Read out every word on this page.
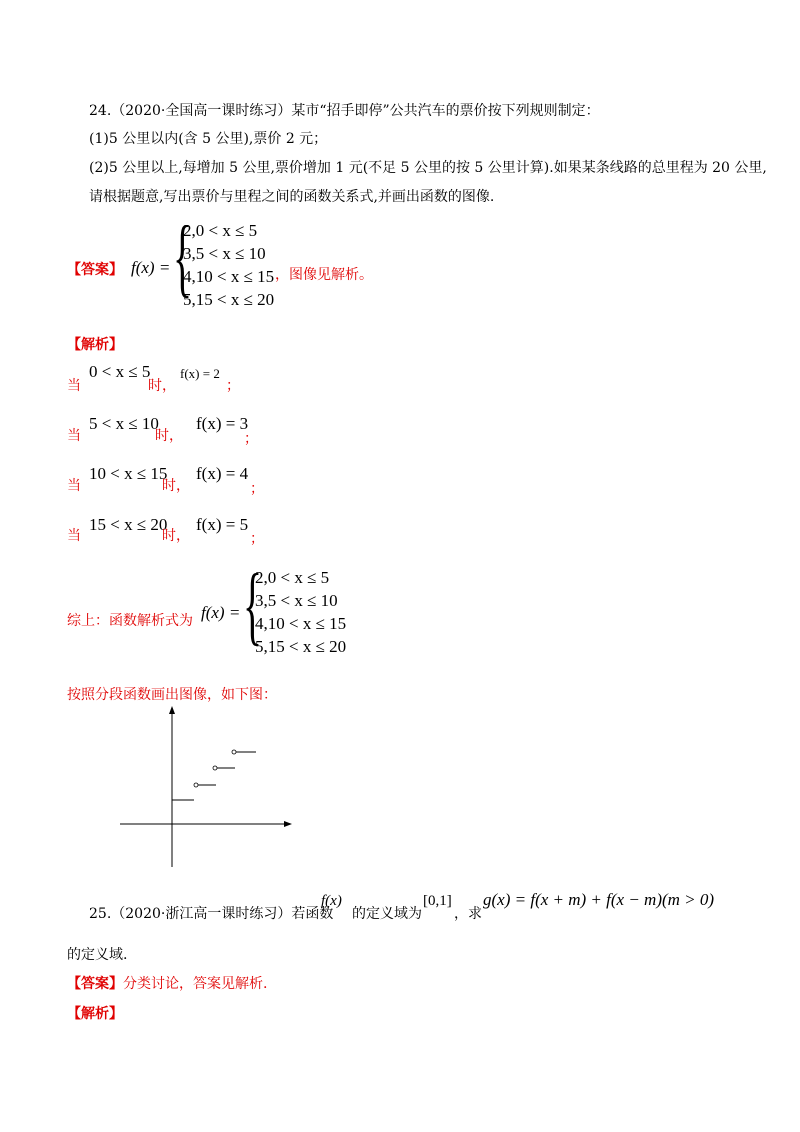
24.（2020·全国高一课时练习）某市“招手即停”公共汽车的票价按下列规则制定：
(1)5 公里以内(含 5 公里),票价 2 元；
(2)5 公里以上,每增加 5 公里,票价增加 1 元(不足 5 公里的按 5 公里计算).如果某条线路的总里程为 20 公里,
请根据题意,写出票价与里程之间的函数关系式,并画出函数的图像.
【答案】 f(x) = {
2,0 < x ≤ 5
3,5 < x ≤ 10
4,10 < x ≤ 15
5,15 < x ≤ 20
，图像见解析。
【解析】
当
0 < x ≤ 5
时，
f(x) = 2
；
当
5 < x ≤ 10
时，
f(x) = 3
；
当
10 < x ≤ 15
时，
f(x) = 4
；
当
15 < x ≤ 20
时，
f(x) = 5
；
综上：函数解析式为 f(x) = {
2,0 < x ≤ 5
3,5 < x ≤ 10
4,10 < x ≤ 15
5,15 < x ≤ 20
按照分段函数画出图像，如下图：
25.（2020·浙江高一课时练习）若函数
f(x)
的定义域为
[0,1]
，求
g(x) = f(x + m) + f(x − m)(m > 0)
的定义域.
【答案】分类讨论，答案见解析.
【解析】
